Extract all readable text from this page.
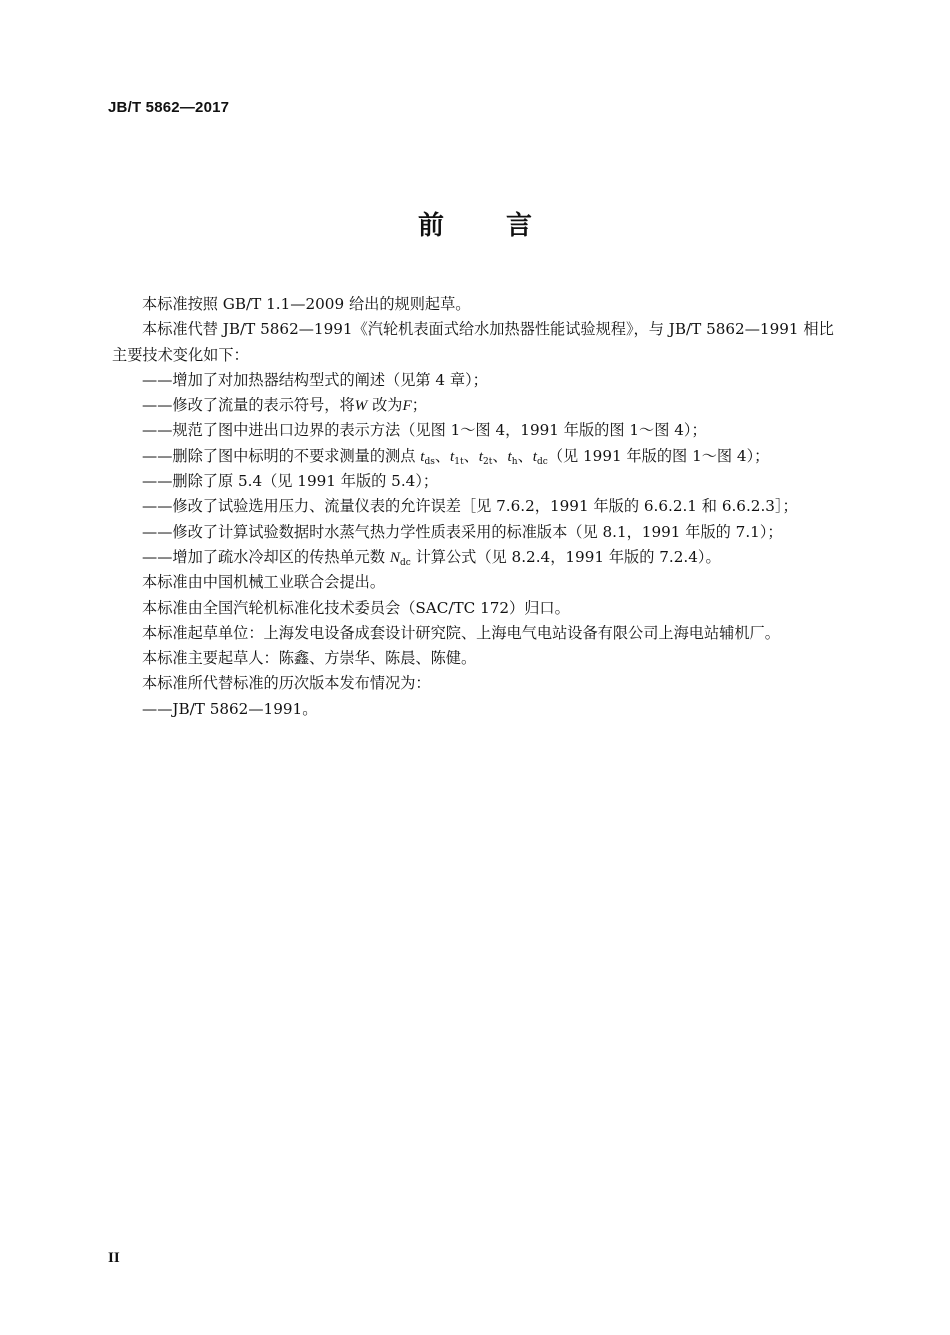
JB/T 5862—2017
前 言

本标准按照 GB/T 1.1—2009 给出的规则起草。

本标准代替 JB/T 5862—1991《汽轮机表面式给水加热器性能试验规程》，与 JB/T 5862—1991 相比

主要技术变化如下：

——增加了对加热器结构型式的阐述（见第 4 章）；

——修改了流量的表示符号，将W 改为F；

——规范了图中进出口边界的表示方法（见图 1～图 4，1991 年版的图 1～图 4）；

——删除了图中标明的不要求测量的测点 $t_{ds}$、$t_{1t}$、$t_{2t}$、$t_h$、$t_{dc}$（见 1991 年版的图 1～图 4）；

——删除了原 5.4（见 1991 年版的 5.4）；

——修改了试验选用压力、流量仪表的允许误差［见 7.6.2，1991 年版的 6.6.2.1 和 6.6.2.3］；

——修改了计算试验数据时水蒸气热力学性质表采用的标准版本（见 8.1，1991 年版的 7.1）；

——增加了疏水冷却区的传热单元数 $N_{dc}$ 计算公式（见 8.2.4，1991 年版的 7.2.4）。

本标准由中国机械工业联合会提出。

本标准由全国汽轮机标准化技术委员会（SAC/TC 172）归口。

本标准起草单位：上海发电设备成套设计研究院、上海电气电站设备有限公司上海电站辅机厂。

本标准主要起草人：陈鑫、方崇华、陈晨、陈健。

本标准所代替标准的历次版本发布情况为：

——JB/T 5862—1991。

II
